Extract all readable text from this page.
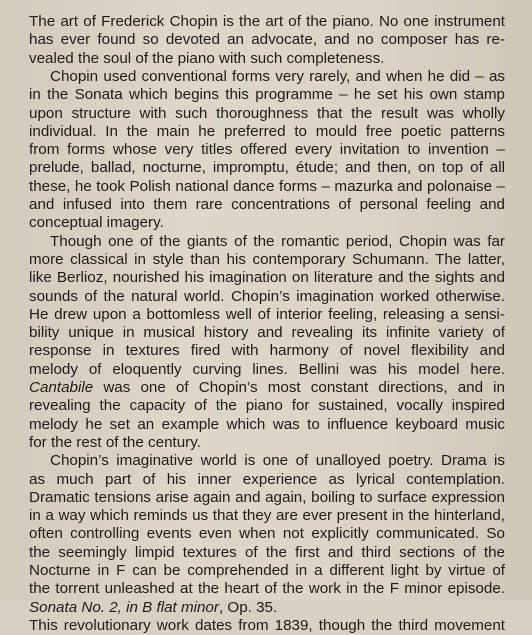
The art of Frederick Chopin is the art of the piano. No one instrument
has ever found so devoted an advocate, and no composer has re-
vealed the soul of the piano with such completeness.
Chopin used conventional forms very rarely, and when he did – as
in the Sonata which begins this programme – he set his own stamp
upon structure with such thoroughness that the result was wholly
individual. In the main he preferred to mould free poetic patterns
from forms whose very titles offered every invitation to invention –
prelude, ballad, nocturne, impromptu, étude; and then, on top of all
these, he took Polish national dance forms – mazurka and polonaise –
and infused into them rare concentrations of personal feeling and
conceptual imagery.
Though one of the giants of the romantic period, Chopin was far
more classical in style than his contemporary Schumann. The latter,
like Berlioz, nourished his imagination on literature and the sights and
sounds of the natural world. Chopin’s imagination worked otherwise.
He drew upon a bottomless well of interior feeling, releasing a sensi-
bility unique in musical history and revealing its infinite variety of
response in textures fired with harmony of novel flexibility and
melody of eloquently curving lines. Bellini was his model here.
Cantabile was one of Chopin’s most constant directions, and in
revealing the capacity of the piano for sustained, vocally inspired
melody he set an example which was to influence keyboard music
for the rest of the century.
Chopin’s imaginative world is one of unalloyed poetry. Drama is
as much part of his inner experience as lyrical contemplation.
Dramatic tensions arise again and again, boiling to surface expression
in a way which reminds us that they are ever present in the hinterland,
often controlling events even when not explicitly communicated. So
the seemingly limpid textures of the first and third sections of the
Nocturne in F can be comprehended in a different light by virtue of
the torrent unleashed at the heart of the work in the F minor episode.
Sonata No. 2, in B flat minor, Op. 35.
This revolutionary work dates from 1839, though the third movement
